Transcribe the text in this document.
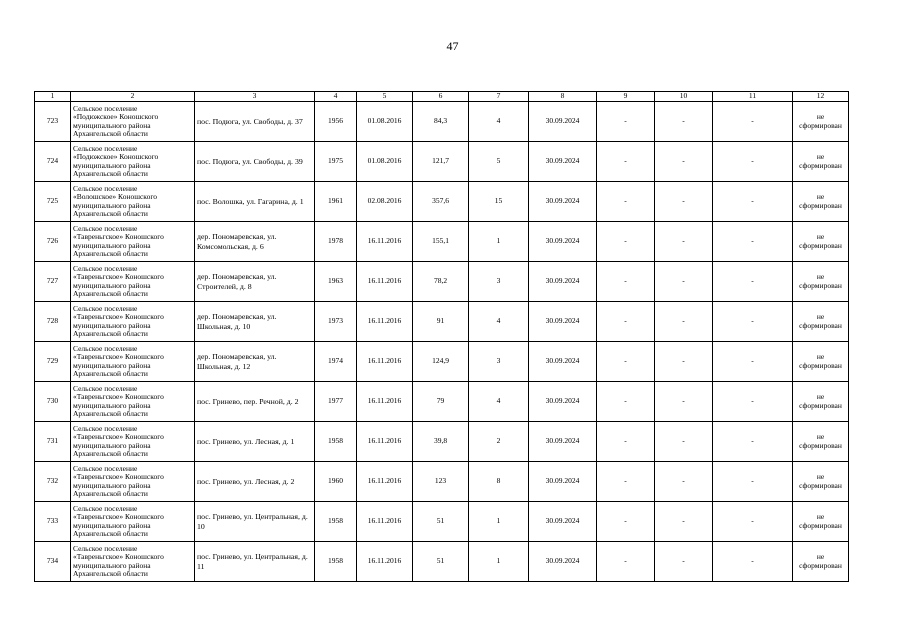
47
1	2	3	4	5	6	7	8	9	10	11	12
723	Сельское поселение
«Подюжское» Коношского
муниципального района
Архангельской области	пос. Подюга, ул. Свободы, д. 37	1956	01.08.2016	84,3	4	30.09.2024	-	-	-	не сформирован
724	Сельское поселение
«Подюжское» Коношского
муниципального района
Архангельской области	пос. Подюга, ул. Свободы, д. 39	1975	01.08.2016	121,7	5	30.09.2024	-	-	-	не сформирован
725	Сельское поселение
«Волошское» Коношского
муниципального района
Архангельской области	пос. Волошка, ул. Гагарина, д. 1	1961	02.08.2016	357,6	15	30.09.2024	-	-	-	не сформирован
726	Сельское поселение
«Тавреньгское» Коношского
муниципального района
Архангельской области	дер. Пономаревская, ул. Комсомольская, д. 6	1978	16.11.2016	155,1	1	30.09.2024	-	-	-	не сформирован
727	Сельское поселение
«Тавреньгское» Коношского
муниципального района
Архангельской области	дер. Пономаревская, ул. Строителей, д. 8	1963	16.11.2016	78,2	3	30.09.2024	-	-	-	не сформирован
728	Сельское поселение
«Тавреньгское» Коношского
муниципального района
Архангельской области	дер. Пономаревская, ул. Школьная, д. 10	1973	16.11.2016	91	4	30.09.2024	-	-	-	не сформирован
729	Сельское поселение
«Тавреньгское» Коношского
муниципального района
Архангельской области	дер. Пономаревская, ул. Школьная, д. 12	1974	16.11.2016	124,9	3	30.09.2024	-	-	-	не сформирован
730	Сельское поселение
«Тавреньгское» Коношского
муниципального района
Архангельской области	пос. Гринево, пер. Речной, д. 2	1977	16.11.2016	79	4	30.09.2024	-	-	-	не сформирован
731	Сельское поселение
«Тавреньгское» Коношского
муниципального района
Архангельской области	пос. Гринево, ул. Лесная, д. 1	1958	16.11.2016	39,8	2	30.09.2024	-	-	-	не сформирован
732	Сельское поселение
«Тавреньгское» Коношского
муниципального района
Архангельской области	пос. Гринево, ул. Лесная, д. 2	1960	16.11.2016	123	8	30.09.2024	-	-	-	не сформирован
733	Сельское поселение
«Тавреньгское» Коношского
муниципального района
Архангельской области	пос. Гринево, ул. Центральная, д. 10	1958	16.11.2016	51	1	30.09.2024	-	-	-	не сформирован
734	Сельское поселение
«Тавреньгское» Коношского
муниципального района
Архангельской области	пос. Гринево, ул. Центральная, д. 11	1958	16.11.2016	51	1	30.09.2024	-	-	-	не сформирован
